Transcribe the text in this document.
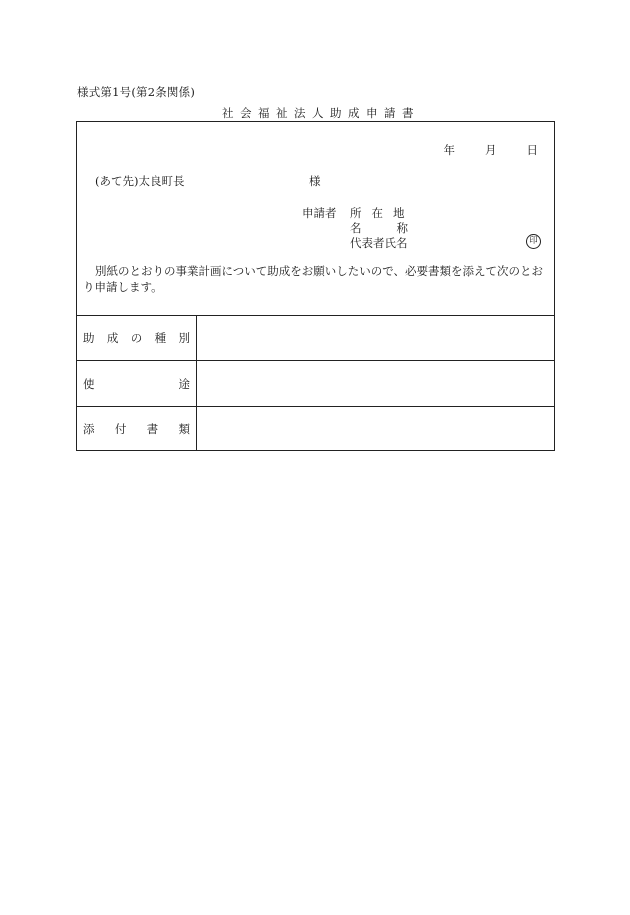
様式第1号(第2条関係)
社会福祉法人助成申請書
年	月	日
(あて先)太良町長	様
申請者 所在地
名称
代表者氏名	印
別紙のとおりの事業計画について助成をお願いしたいので、必要書類を添えて次のとおり申請します。
助 成 の 種 別
使	途
添 付 書 類
